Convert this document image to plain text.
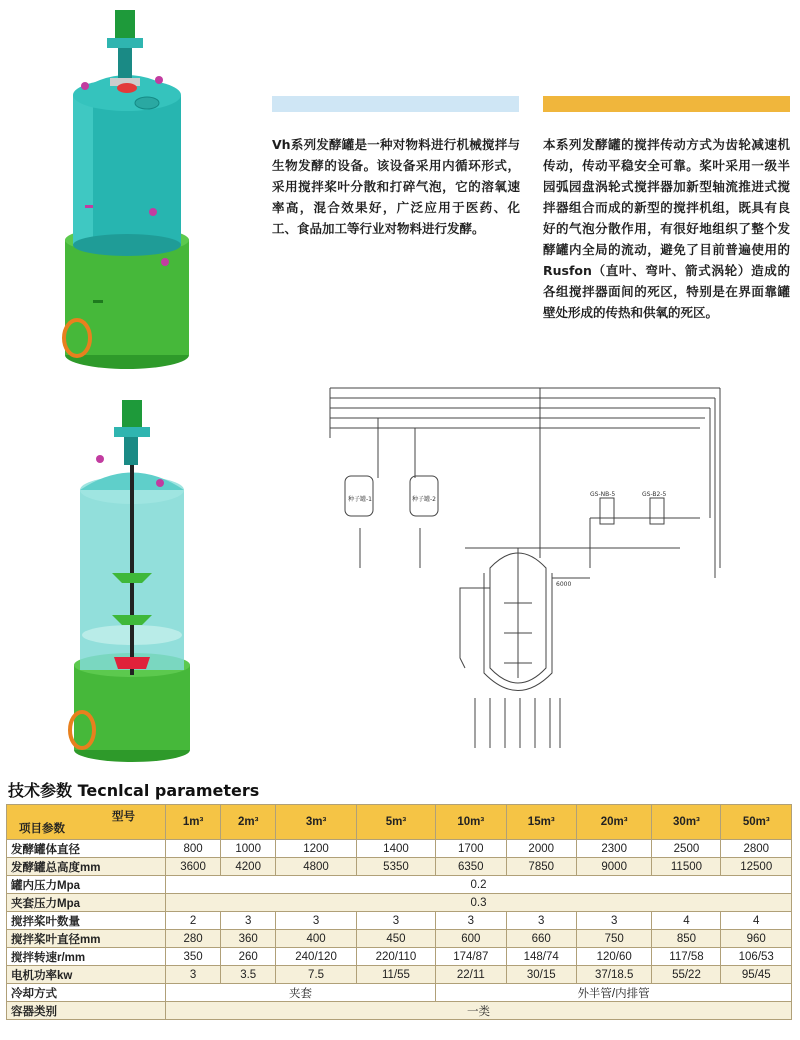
Vh系列发酵罐是一种对物料进行机械搅拌与生物发酵的设备。该设备采用内循环形式，采用搅拌桨叶分散和打碎气泡，它的溶氧速率高，混合效果好，广泛应用于医药、化工、食品加工等行业对物料进行发酵。
本系列发酵罐的搅拌传动方式为齿轮减速机传动，传动平稳安全可靠。桨叶采用一级半园弧园盘涡轮式搅拌器加新型轴流推进式搅拌器组合而成的新型的搅拌机组，既具有良好的气泡分散作用，有很好地组织了整个发酵罐内全局的流动，避免了目前普遍使用的Rusfon（直叶、弯叶、箭式涡轮）造成的各组搅拌器面间的死区，特别是在界面靠罐壁处形成的传热和供氧的死区。
种子罐-1	种子罐-2
GS-NB-5	GS-B2-5
6000
技术参数 Tecnlcal parameters
型号
项目参数	1m³	2m³	3m³	5m³	10m³	15m³	20m³	30m³	50m³
发酵罐体直径	800	1000	1200	1400	1700	2000	2300	2500	2800
发酵罐总高度mm	3600	4200	4800	5350	6350	7850	9000	11500	12500
罐内压力Mpa	0.2								
夹套压力Mpa	0.3								
搅拌桨叶数量	2	3	3	3	3	3	3	4	4
搅拌桨叶直径mm	280	360	400	450	600	660	750	850	960
搅拌转速r/mm	350	260	240/120	220/110	174/87	148/74	120/60	117/58	106/53
电机功率kw	3	3.5	7.5	11/55	22/11	30/15	37/18.5	55/22	95/45
冷却方式	夹套				外半管/内排管				
容器类别	一类								
